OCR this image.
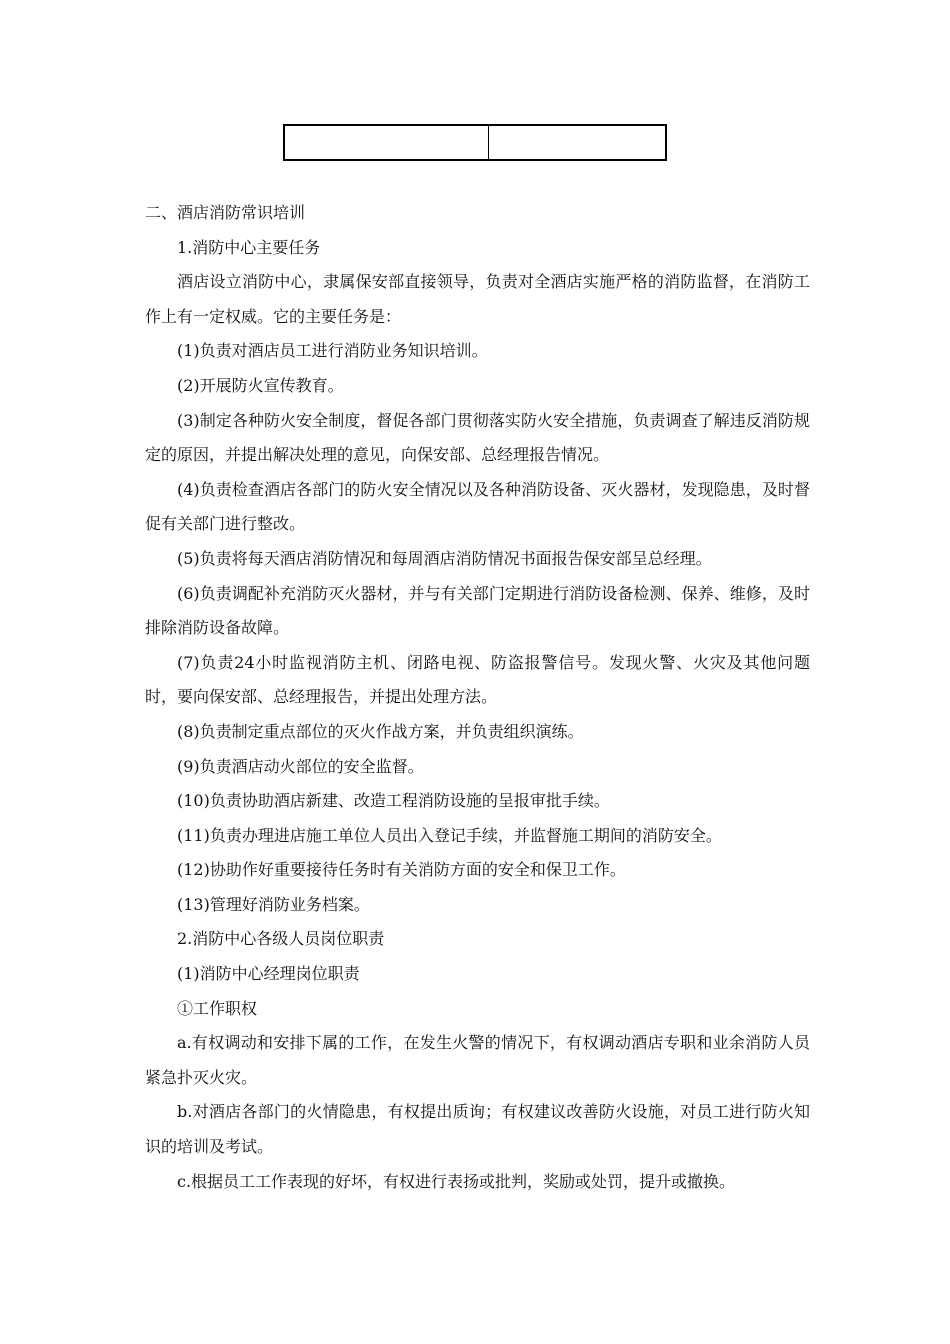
二、酒店消防常识培训

1.消防中心主要任务

酒店设立消防中心，隶属保安部直接领导，负责对全酒店实施严格的消防监督，在消防工作上有一定权威。它的主要任务是：

(1)负责对酒店员工进行消防业务知识培训。

(2)开展防火宣传教育。

(3)制定各种防火安全制度，督促各部门贯彻落实防火安全措施，负责调查了解违反消防规定的原因，并提出解决处理的意见，向保安部、总经理报告情况。

(4)负责检查酒店各部门的防火安全情况以及各种消防设备、灭火器材，发现隐患，及时督促有关部门进行整改。

(5)负责将每天酒店消防情况和每周酒店消防情况书面报告保安部呈总经理。

(6)负责调配补充消防灭火器材，并与有关部门定期进行消防设备检测、保养、维修，及时排除消防设备故障。

(7)负责24小时监视消防主机、闭路电视、防盗报警信号。发现火警、火灾及其他问题时，要向保安部、总经理报告，并提出处理方法。

(8)负责制定重点部位的灭火作战方案，并负责组织演练。

(9)负责酒店动火部位的安全监督。

(10)负责协助酒店新建、改造工程消防设施的呈报审批手续。

(11)负责办理进店施工单位人员出入登记手续，并监督施工期间的消防安全。

(12)协助作好重要接待任务时有关消防方面的安全和保卫工作。

(13)管理好消防业务档案。

2.消防中心各级人员岗位职责

(1)消防中心经理岗位职责

①工作职权

a.有权调动和安排下属的工作，在发生火警的情况下，有权调动酒店专职和业余消防人员紧急扑灭火灾。

b.对酒店各部门的火情隐患，有权提出质询；有权建议改善防火设施，对员工进行防火知识的培训及考试。

c.根据员工工作表现的好坏，有权进行表扬或批判，奖励或处罚，提升或撤换。
